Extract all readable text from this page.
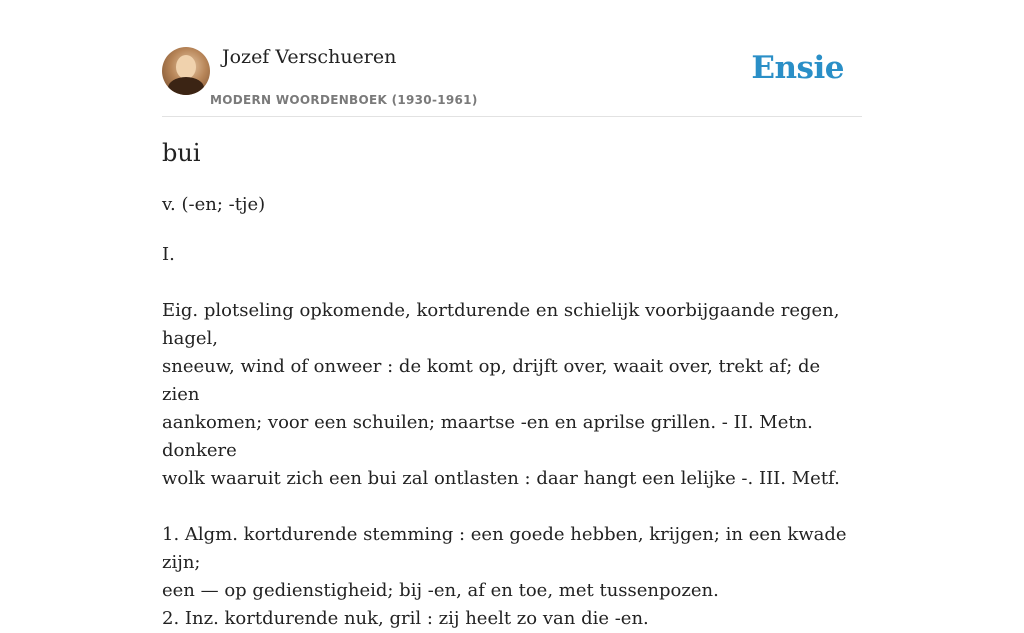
Jozef Verschueren
MODERN WOORDENBOEK (1930-1961)
Ensie
bui
v. (-en; -tje)

I.

Eig. plotseling opkomende, kortdurende en schielijk voorbijgaande regen, hagel,
sneeuw, wind of onweer : de komt op, drijft over, waait over, trekt af; de zien
aankomen; voor een schuilen; maartse -en en aprilse grillen. - II. Metn. donkere
wolk waaruit zich een bui zal ontlasten : daar hangt een lelijke -. III. Metf.

1. Algm. kortdurende stemming : een goede hebben, krijgen; in een kwade zijn;
een — op gedienstigheid; bij -en, af en toe, met tussenpozen.
2. Inz. kortdurende nuk, gril : zij heelt zo van die -en.
